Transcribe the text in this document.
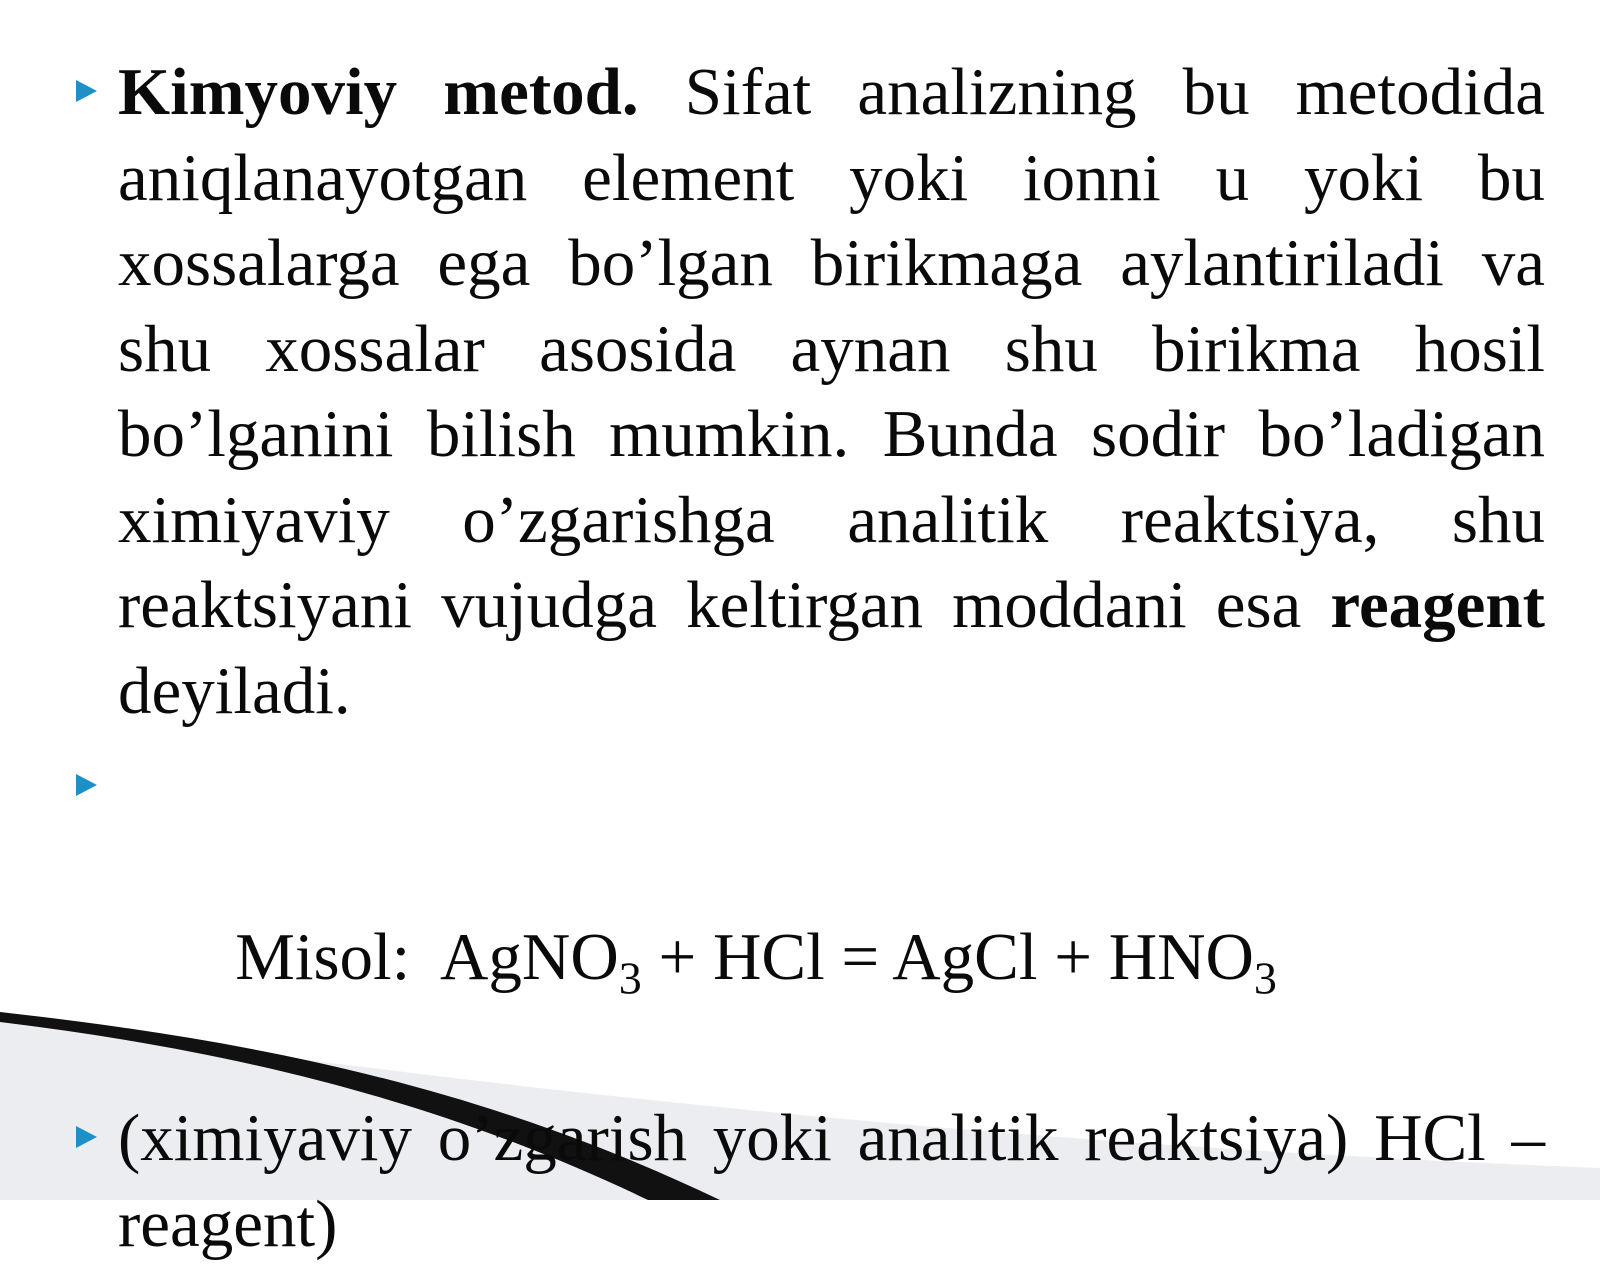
Kimyoviy metod. Sifat analizning bu metodida aniqlanayotgan element yoki ionni u yoki bu xossalarga ega bo’lgan birikmaga aylantiriladi va shu xossalar asosida aynan shu birikma hosil bo’lganini bilish mumkin. Bunda sodir bo’ladigan ximiyaviy o’zgarishga analitik reaktsiya, shu reaktsiyani vujudga keltirgan moddani esa reagent deyiladi.

Misol:  AgNO$_3$ + HCl = AgCl + $HNO_3$

(ximiyaviy o’zgarish yoki analitik reaktsiya) HCl – reagent)
